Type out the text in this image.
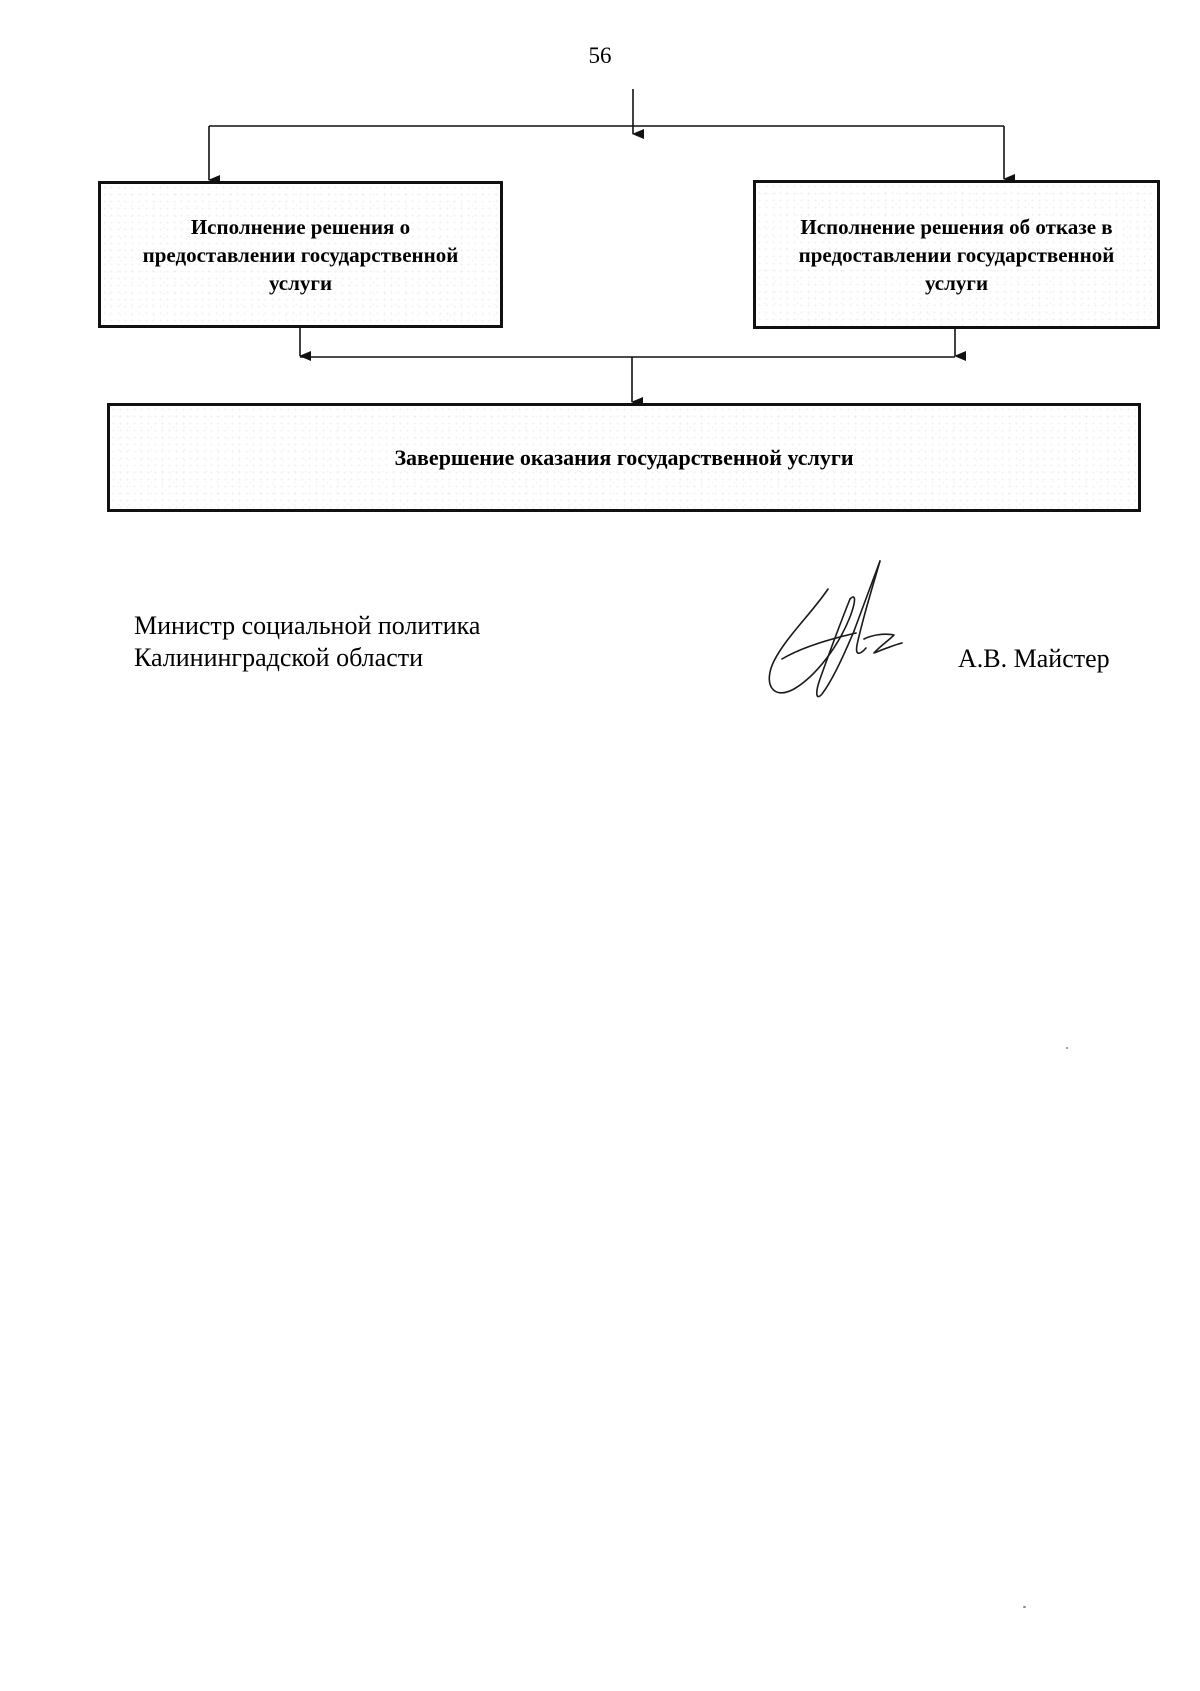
56
Исполнение решения о
предоставлении государственной
услуги
Исполнение решения об отказе в
предоставлении государственной
услуги
Завершение оказания государственной услуги
Министр социальной политика
Калининградской области	А.В. Майстер
